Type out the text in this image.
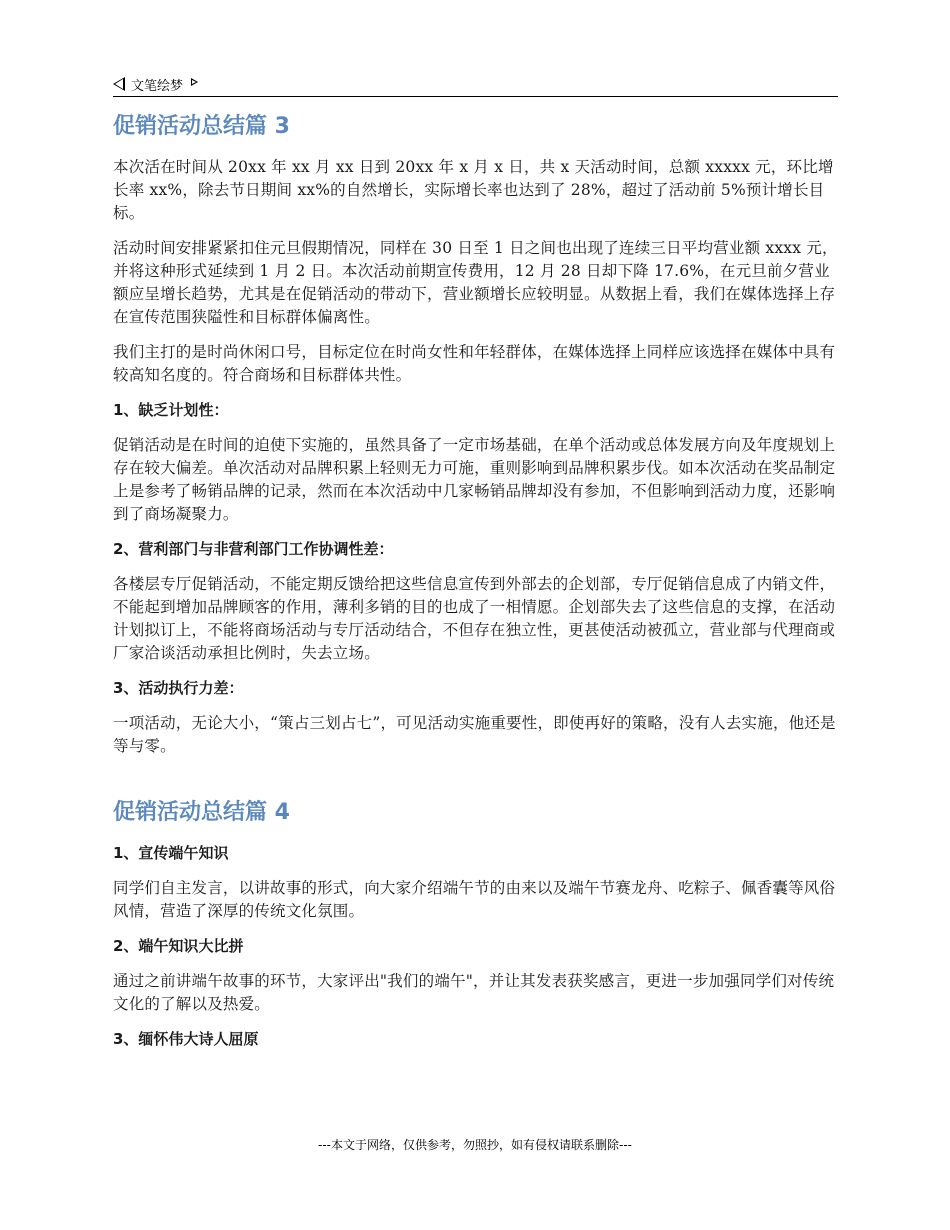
文笔绘梦
促销活动总结篇 3

本次活在时间从 20xx 年 xx 月 xx 日到 20xx 年 x 月 x 日，共 x 天活动时间，总额 xxxxx 元，环比增长率 xx%，除去节日期间 xx%的自然增长，实际增长率也达到了 28%，超过了活动前 5%预计增长目标。

活动时间安排紧紧扣住元旦假期情况，同样在 30 日至 1 日之间也出现了连续三日平均营业额 xxxx 元，并将这种形式延续到 1 月 2 日。本次活动前期宣传费用，12 月 28 日却下降 17.6%，在元旦前夕营业额应呈增长趋势，尤其是在促销活动的带动下，营业额增长应较明显。从数据上看，我们在媒体选择上存在宣传范围狭隘性和目标群体偏离性。

我们主打的是时尚休闲口号，目标定位在时尚女性和年轻群体，在媒体选择上同样应该选择在媒体中具有较高知名度的。符合商场和目标群体共性。

1、缺乏计划性：

促销活动是在时间的迫使下实施的，虽然具备了一定市场基础，在单个活动或总体发展方向及年度规划上存在较大偏差。单次活动对品牌积累上轻则无力可施，重则影响到品牌积累步伐。如本次活动在奖品制定上是参考了畅销品牌的记录，然而在本次活动中几家畅销品牌却没有参加，不但影响到活动力度，还影响到了商场凝聚力。

2、营利部门与非营利部门工作协调性差：

各楼层专厅促销活动，不能定期反馈给把这些信息宣传到外部去的企划部，专厅促销信息成了内销文件，不能起到增加品牌顾客的作用，薄利多销的目的也成了一相情愿。企划部失去了这些信息的支撑，在活动计划拟订上，不能将商场活动与专厅活动结合，不但存在独立性，更甚使活动被孤立，营业部与代理商或厂家洽谈活动承担比例时，失去立场。

3、活动执行力差：

一项活动，无论大小，“策占三划占七”，可见活动实施重要性，即使再好的策略，没有人去实施，他还是等与零。

促销活动总结篇 4

1、宣传端午知识

同学们自主发言，以讲故事的形式，向大家介绍端午节的由来以及端午节赛龙舟、吃粽子、佩香囊等风俗风情，营造了深厚的传统文化氛围。

2、端午知识大比拼

通过之前讲端午故事的环节，大家评出"我们的端午"，并让其发表获奖感言，更进一步加强同学们对传统文化的了解以及热爱。

3、缅怀伟大诗人屈原

---本文于网络，仅供参考，勿照抄，如有侵权请联系删除---
